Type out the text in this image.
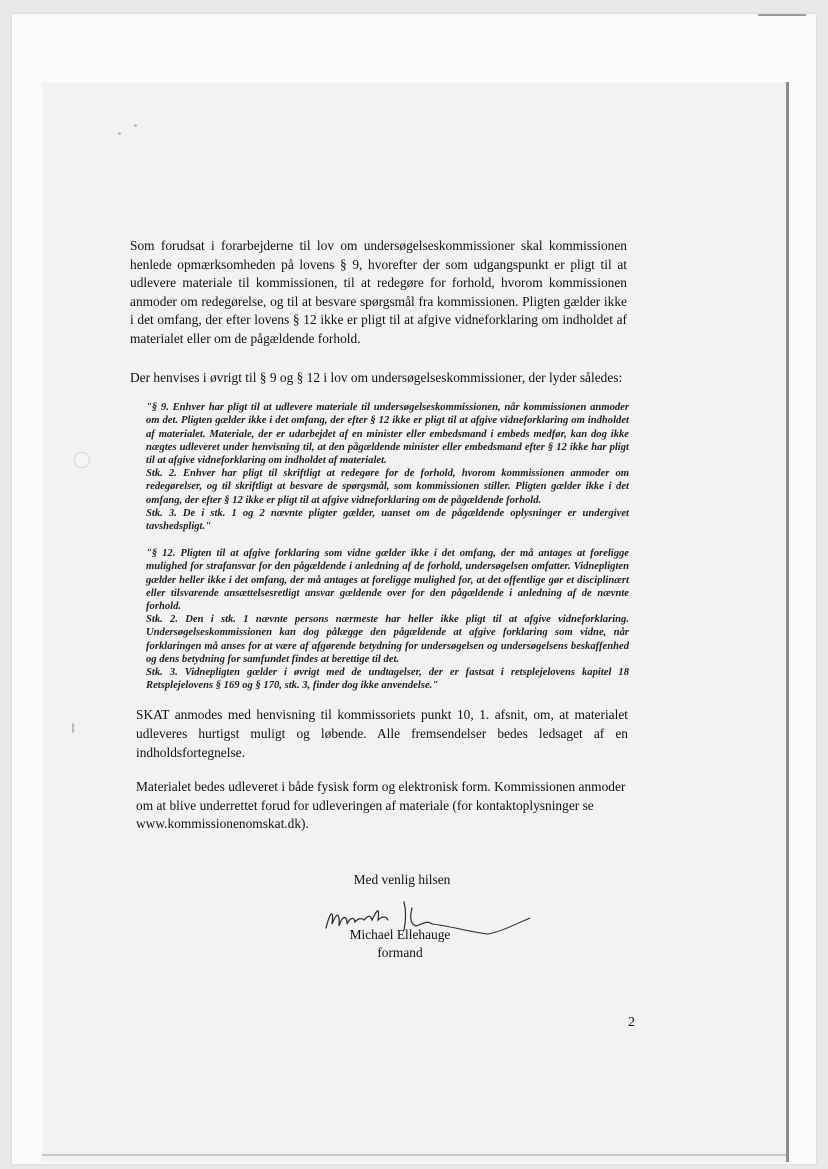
Som forudsat i forarbejderne til lov om undersøgelseskommissioner skal kommissionen henlede opmærksomheden på lovens § 9, hvorefter der som udgangspunkt er pligt til at udlevere materiale til kommissionen, til at redegøre for forhold, hvorom kommissionen anmoder om redegørelse, og til at besvare spørgsmål fra kommissionen. Pligten gælder ikke i det omfang, der efter lovens § 12 ikke er pligt til at afgive vidneforklaring om indholdet af materialet eller om de pågældende forhold.

Der henvises i øvrigt til § 9 og § 12 i lov om undersøgelseskommissioner, der lyder således:

"§ 9. Enhver har pligt til at udlevere materiale til undersøgelseskommissionen, når kommissionen anmoder om det. Pligten gælder ikke i det omfang, der efter § 12 ikke er pligt til at afgive vidneforklaring om indholdet af materialet. Materiale, der er udarbejdet af en minister eller embedsmand i embeds medfør, kan dog ikke nægtes udleveret under henvisning til, at den pågældende minister eller embedsmand efter § 12 ikke har pligt til at afgive vidneforklaring om indholdet af materialet.

Stk. 2. Enhver har pligt til skriftligt at redegøre for de forhold, hvorom kommissionen anmoder om redegørelser, og til skriftligt at besvare de spørgsmål, som kommissionen stiller. Pligten gælder ikke i det omfang, der efter § 12 ikke er pligt til at afgive vidneforklaring om de pågældende forhold.

Stk. 3. De i stk. 1 og 2 nævnte pligter gælder, uanset om de pågældende oplysninger er undergivet tavshedspligt."

"§ 12. Pligten til at afgive forklaring som vidne gælder ikke i det omfang, der må antages at foreligge mulighed for strafansvar for den pågældende i anledning af de forhold, undersøgelsen omfatter. Vidnepligten gælder heller ikke i det omfang, der må antages at foreligge mulighed for, at det offentlige gør et disciplinært eller tilsvarende ansættelsesretligt ansvar gældende over for den pågældende i anledning af de nævnte forhold.

Stk. 2. Den i stk. 1 nævnte persons nærmeste har heller ikke pligt til at afgive vidneforklaring. Undersøgelseskommissionen kan dog pålægge den pågældende at afgive forklaring som vidne, når forklaringen må anses for at være af afgørende betydning for undersøgelsen og undersøgelsens beskaffenhed og dens betydning for samfundet findes at berettige til det.

Stk. 3. Vidnepligten gælder i øvrigt med de undtagelser, der er fastsat i retsplejelovens kapitel 18 Retsplejelovens § 169 og § 170, stk. 3, finder dog ikke anvendelse."

SKAT anmodes med henvisning til kommissoriets punkt 10, 1. afsnit, om, at materialet udleveres hurtigst muligt og løbende. Alle fremsendelser bedes ledsaget af en indholdsfortegnelse.

Materialet bedes udleveret i både fysisk form og elektronisk form. Kommissionen anmoder om at blive underrettet forud for udleveringen af materiale (for kontaktoplysninger se www.kommissionenomskat.dk).

Med venlig hilsen
Michael Ellehauge
formand
2
